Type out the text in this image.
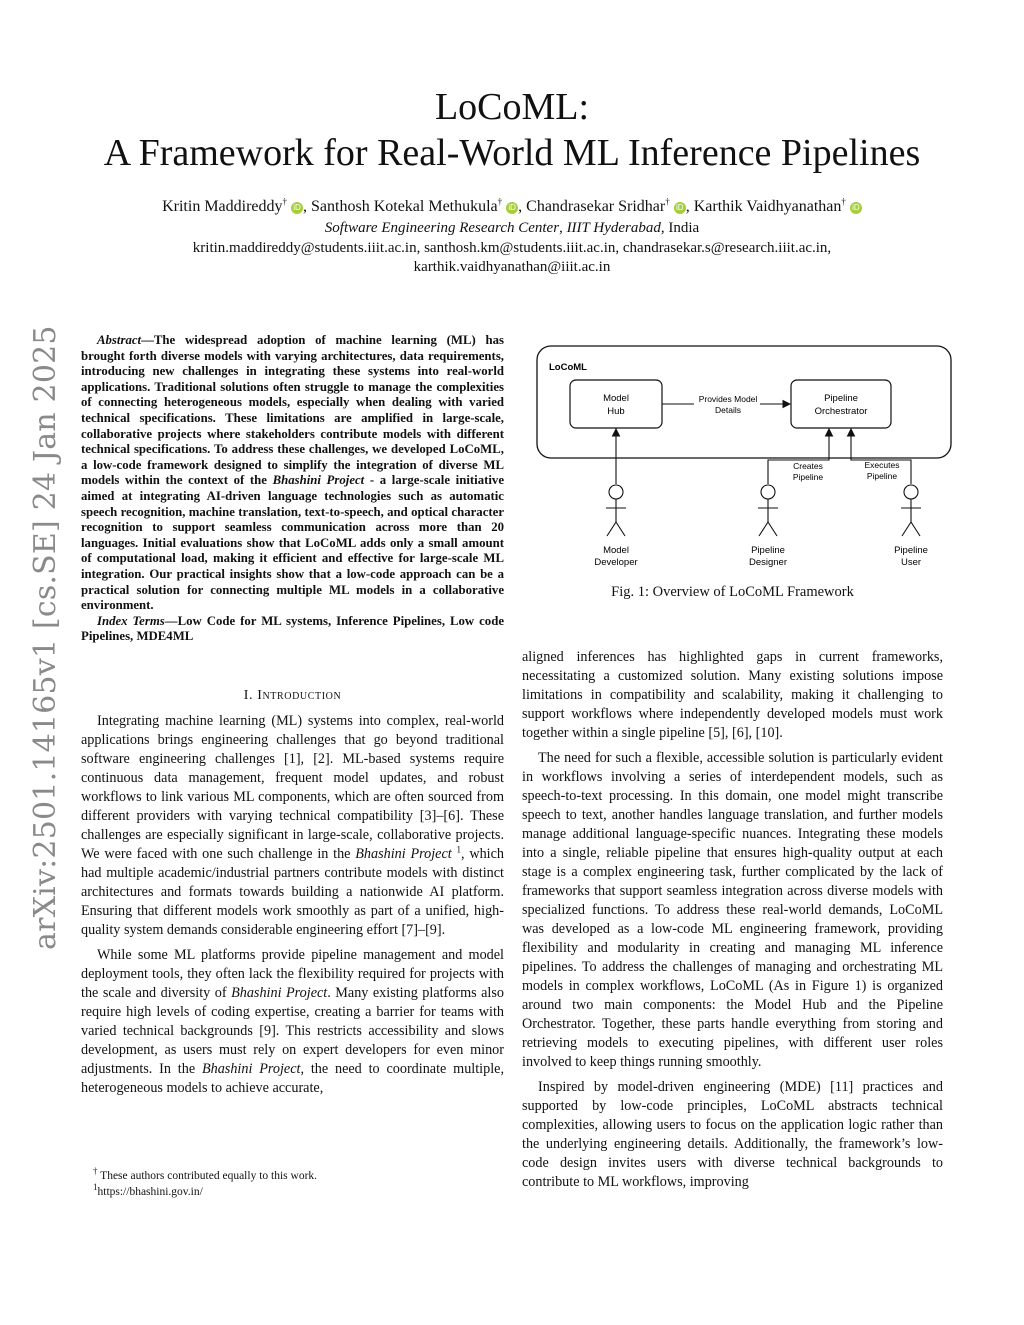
arXiv:2501.14165v1 [cs.SE] 24 Jan 2025
LoCoML:
A Framework for Real-World ML Inference Pipelines
Kritin Maddireddy†iD , Santhosh Kotekal Methukula†iD , Chandrasekar Sridhar†iD , Karthik Vaidhyanathan†iD
Software Engineering Research Center, IIIT Hyderabad, India
kritin.maddireddy@students.iiit.ac.in, santhosh.km@students.iiit.ac.in, chandrasekar.s@research.iiit.ac.in,
karthik.vaidhyanathan@iiit.ac.in

Abstract—The widespread adoption of machine learning (ML) has brought forth diverse models with varying architectures, data requirements, introducing new challenges in integrating these systems into real-world applications. Traditional solutions often struggle to manage the complexities of connecting heterogeneous models, especially when dealing with varied technical specifications. These limitations are amplified in large-scale, collaborative projects where stakeholders contribute models with different technical specifications. To address these challenges, we developed LoCoML, a low-code framework designed to simplify the integration of diverse ML models within the context of the Bhashini Project - a large-scale initiative aimed at integrating AI-driven language technologies such as automatic speech recognition, machine translation, text-to-speech, and optical character recognition to support seamless communication across more than 20 languages. Initial evaluations show that LoCoML adds only a small amount of computational load, making it efficient and effective for large-scale ML integration. Our practical insights show that a low-code approach can be a practical solution for connecting multiple ML models in a collaborative environment.

Index Terms—Low Code for ML systems, Inference Pipelines, Low code Pipelines, MDE4ML

I. Introduction

Integrating machine learning (ML) systems into complex, real-world applications brings engineering challenges that go beyond traditional software engineering challenges [1], [2]. ML-based systems require continuous data management, frequent model updates, and robust workflows to link various ML components, which are often sourced from different providers with varying technical compatibility [3]–[6]. These challenges are especially significant in large-scale, collaborative projects. We were faced with one such challenge in the Bhashini Project $^1$, which had multiple academic/industrial partners contribute models with distinct architectures and formats towards building a nationwide AI platform. Ensuring that different models work smoothly as part of a unified, high-quality system demands considerable engineering effort [7]–[9].

While some ML platforms provide pipeline management and model deployment tools, they often lack the flexibility required for projects with the scale and diversity of Bhashini Project. Many existing platforms also require high levels of coding expertise, creating a barrier for teams with varied technical backgrounds [9]. This restricts accessibility and slows development, as users must rely on expert developers for even minor adjustments. In the Bhashini Project, the need to coordinate multiple, heterogeneous models to achieve accurate,

† These authors contributed equally to this work.

$^1$https://bhashini.gov.in/

LoCoML
Model
Hub
Pipeline
Orchestrator
Provides Model
Details
Creates
Pipeline
Executes
Pipeline
Model
Developer
Pipeline
Designer
Pipeline
User
Fig. 1: Overview of LoCoML Framework

aligned inferences has highlighted gaps in current frameworks, necessitating a customized solution. Many existing solutions impose limitations in compatibility and scalability, making it challenging to support workflows where independently developed models must work together within a single pipeline [5], [6], [10].

The need for such a flexible, accessible solution is particularly evident in workflows involving a series of interdependent models, such as speech-to-text processing. In this domain, one model might transcribe speech to text, another handles language translation, and further models manage additional language-specific nuances. Integrating these models into a single, reliable pipeline that ensures high-quality output at each stage is a complex engineering task, further complicated by the lack of frameworks that support seamless integration across diverse models with specialized functions. To address these real-world demands, LoCoML was developed as a low-code ML engineering framework, providing flexibility and modularity in creating and managing ML inference pipelines. To address the challenges of managing and orchestrating ML models in complex workflows, LoCoML (As in Figure 1) is organized around two main components: the Model Hub and the Pipeline Orchestrator. Together, these parts handle everything from storing and retrieving models to executing pipelines, with different user roles involved to keep things running smoothly.

Inspired by model-driven engineering (MDE) [11] practices and supported by low-code principles, LoCoML abstracts technical complexities, allowing users to focus on the application logic rather than the underlying engineering details. Additionally, the framework’s low-code design invites users with diverse technical backgrounds to contribute to ML workflows, improving
